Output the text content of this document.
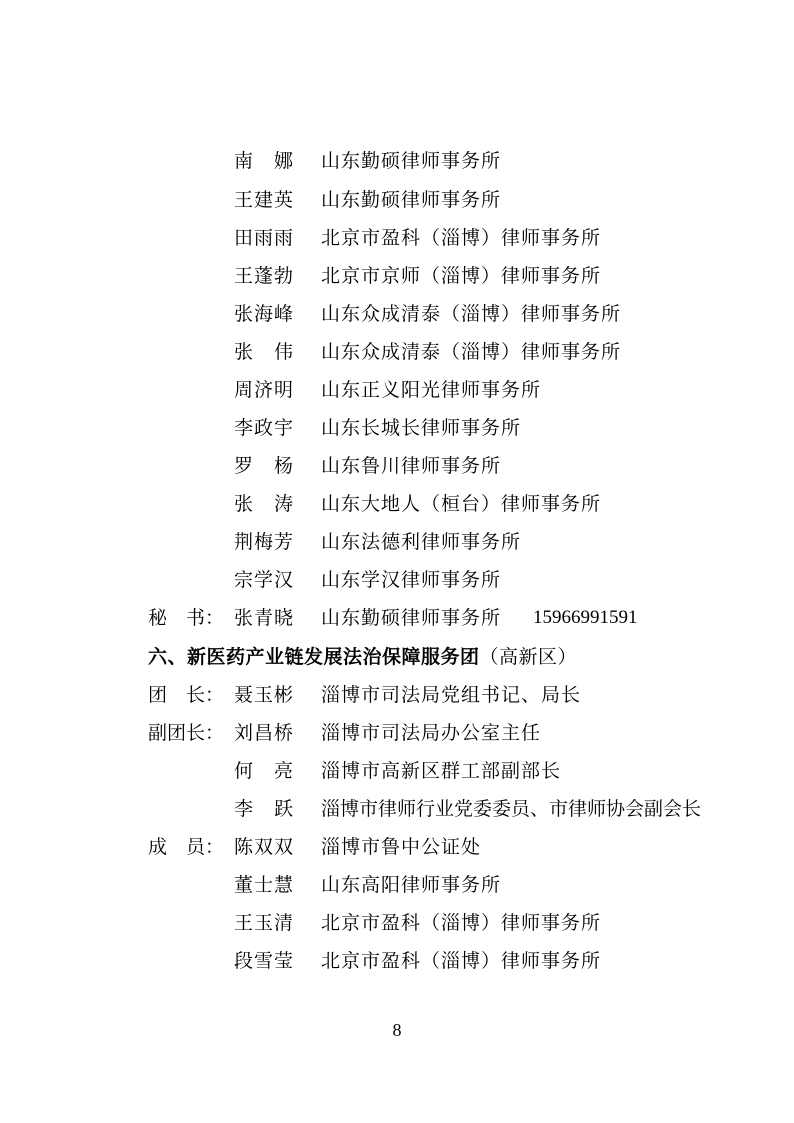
南　娜 山东勤硕律师事务所
王建英 山东勤硕律师事务所
田雨雨 北京市盈科（淄博）律师事务所
王蓬勃 北京市京师（淄博）律师事务所
张海峰 山东众成清泰（淄博）律师事务所
张　伟 山东众成清泰（淄博）律师事务所
周济明 山东正义阳光律师事务所
李政宇 山东长城长律师事务所
罗　杨 山东鲁川律师事务所
张　涛 山东大地人（桓台）律师事务所
荆梅芳 山东法德利律师事务所
宗学汉 山东学汉律师事务所
秘　书： 张青晓 山东勤硕律师事务所 15966991591
六、新医药产业链发展法治保障服务团（高新区）
团　长： 聂玉彬 淄博市司法局党组书记、局长
副团长： 刘昌桥 淄博市司法局办公室主任
何　亮 淄博市高新区群工部副部长
李　跃 淄博市律师行业党委委员、市律师协会副会长
成　员： 陈双双 淄博市鲁中公证处
董士慧 山东高阳律师事务所
王玉清 北京市盈科（淄博）律师事务所
段雪莹 北京市盈科（淄博）律师事务所
8
